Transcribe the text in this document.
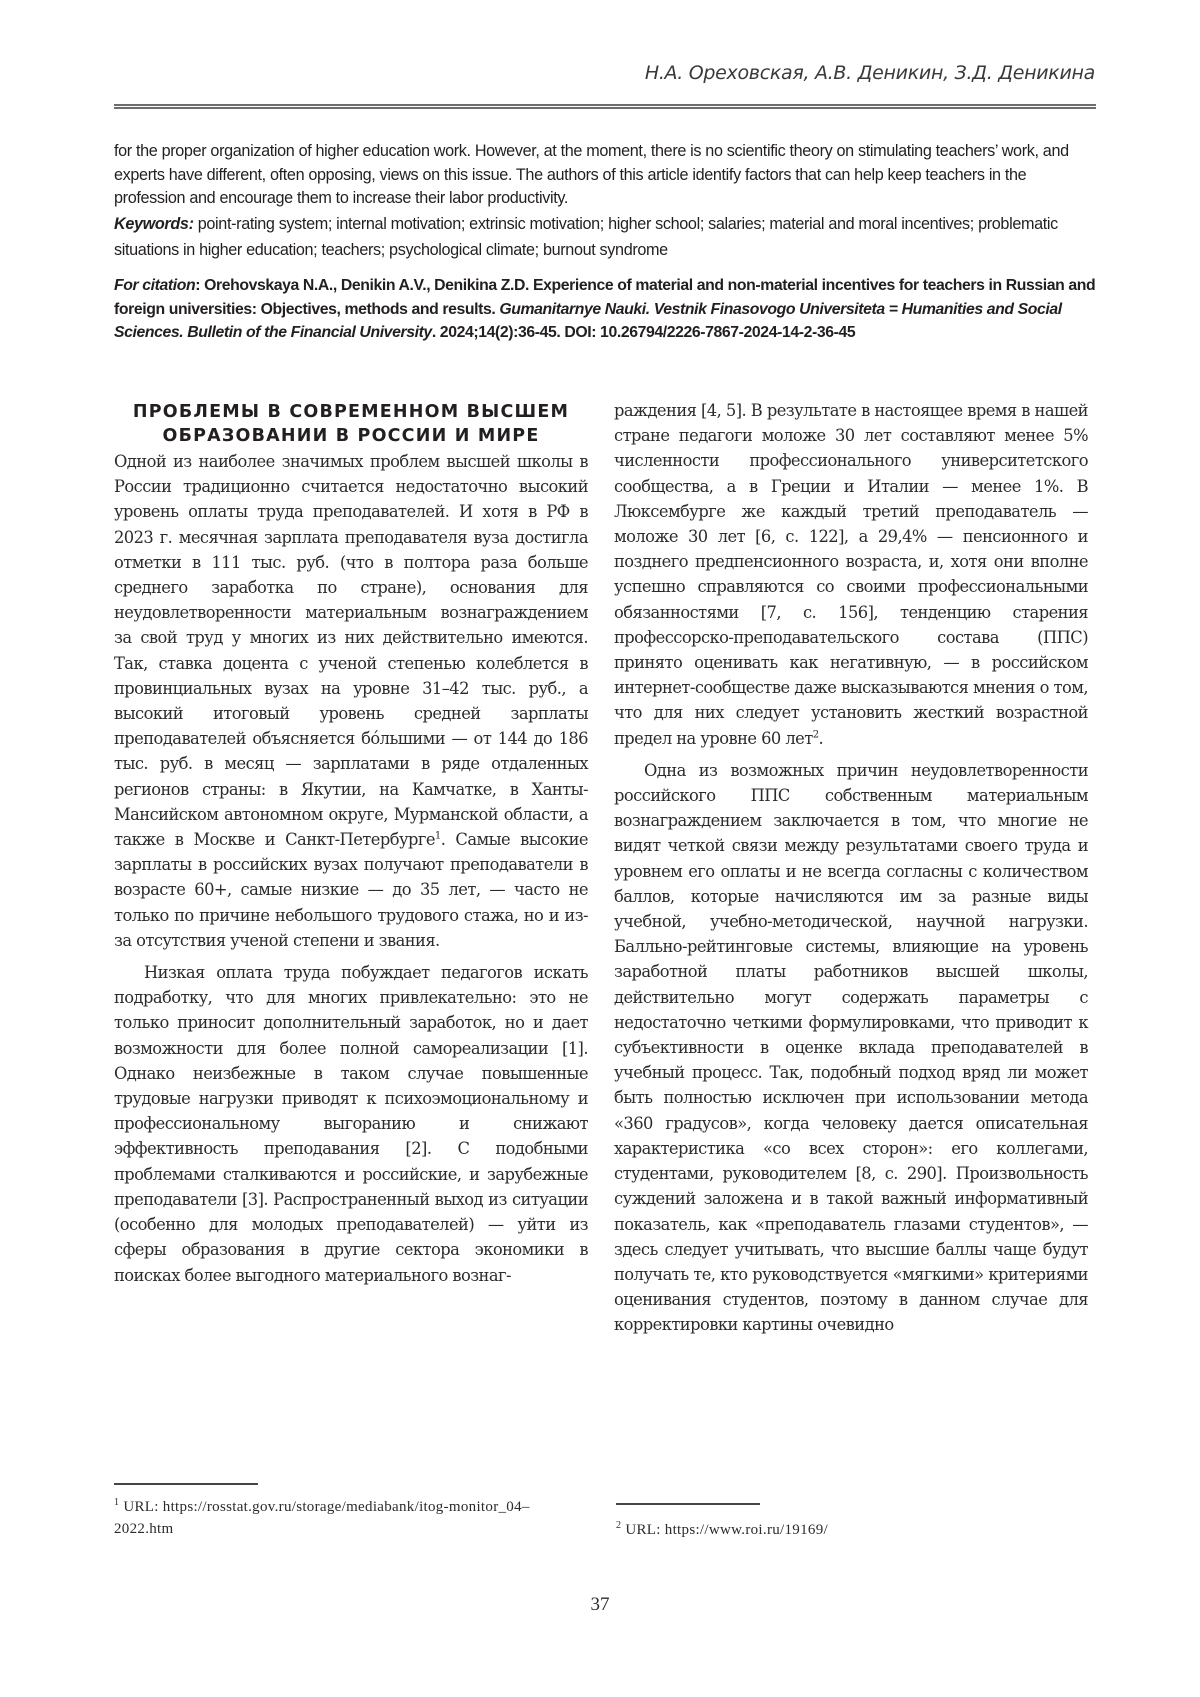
Н.А. Ореховская, А.В. Деникин, З.Д. Деникина

for the proper organization of higher education work. However, at the moment, there is no scientific theory on stimulating teachers’ work, and experts have different, often opposing, views on this issue. The authors of this article identify factors that can help keep teachers in the profession and encourage them to increase their labor productivity.

Keywords: point-rating system; internal motivation; extrinsic motivation; higher school; salaries; material and moral incentives; problematic situations in higher education; teachers; psychological climate; burnout syndrome

For citation: Orehovskaya N.A., Denikin A.V., Denikina Z.D. Experience of material and non-material incentives for teachers in Russian and foreign universities: Objectives, methods and results. Gumanitarnye Nauki. Vestnik Finasovogo Universiteta = Humanities and Social Sciences. Bulletin of the Financial University. 2024;14(2):36-45. DOI: 10.26794/2226-7867-2024-14-2-36-45
ПРОБЛЕМЫ В СОВРЕМЕННОМ ВЫСШЕМ ОБРАЗОВАНИИ В РОССИИ И МИРЕ

Одной из наиболее значимых проблем высшей школы в России традиционно считается недостаточно высокий уровень оплаты труда преподавателей. И хотя в РФ в 2023 г. месячная зарплата преподавателя вуза достигла отметки в 111 тыс. руб. (что в полтора раза больше среднего заработка по стране), основания для неудовлетворенности материальным вознаграждением за свой труд у многих из них действительно имеются. Так, ставка доцента с ученой степенью колеблется в провинциальных вузах на уровне 31–42 тыс. руб., а высокий итоговый уровень средней зарплаты преподавателей объясняется бóльшими — от 144 до 186 тыс. руб. в месяц — зарплатами в ряде отдаленных регионов страны: в Якутии, на Камчатке, в Ханты-Мансийском автономном округе, Мурманской области, а также в Москве и Санкт-Петербурге$^1$. Самые высокие зарплаты в российских вузах получают преподаватели в возрасте 60+, самые низкие — до 35 лет, — часто не только по причине небольшого трудового стажа, но и из-за отсутствия ученой степени и звания.

Низкая оплата труда побуждает педагогов искать подработку, что для многих привлекательно: это не только приносит дополнительный заработок, но и дает возможности для более полной самореализации [1]. Однако неизбежные в таком случае повышенные трудовые нагрузки приводят к психоэмоциональному и профессиональному выгоранию и снижают эффективность преподавания [2]. С подобными проблемами сталкиваются и российские, и зарубежные преподаватели [3]. Распространенный выход из ситуации (особенно для молодых преподавателей) — уйти из сферы образования в другие сектора экономики в поисках более выгодного материального вознаг-

раждения [4, 5]. В результате в настоящее время в нашей стране педагоги моложе 30 лет составляют менее 5% численности профессионального университетского сообщества, а в Греции и Италии — менее 1%. В Люксембурге же каждый третий преподаватель — моложе 30 лет [6, с. 122], а 29,4% — пенсионного и позднего предпенсионного возраста, и, хотя они вполне успешно справляются со своими профессиональными обязанностями [7, с. 156], тенденцию старения профессорско-преподавательского состава (ППС) принято оценивать как негативную, — в российском интернет-сообществе даже высказываются мнения о том, что для них следует установить жесткий возрастной предел на уровне 60 лет$^2$.

Одна из возможных причин неудовлетворенности российского ППС собственным материальным вознаграждением заключается в том, что многие не видят четкой связи между результатами своего труда и уровнем его оплаты и не всегда согласны с количеством баллов, которые начисляются им за разные виды учебной, учебно-методической, научной нагрузки. Балльно-рейтинговые системы, влияющие на уровень заработной платы работников высшей школы, действительно могут содержать параметры с недостаточно четкими формулировками, что приводит к субъективности в оценке вклада преподавателей в учебный процесс. Так, подобный подход вряд ли может быть полностью исключен при использовании метода «360 градусов», когда человеку дается описательная характеристика «со всех сторон»: его коллегами, студентами, руководителем [8, с. 290]. Произвольность суждений заложена и в такой важный информативный показатель, как «преподаватель глазами студентов», — здесь следует учитывать, что высшие баллы чаще будут получать те, кто руководствуется «мягкими» критериями оценивания студентов, поэтому в данном случае для корректировки картины очевидно

$^1$ URL: https://rosstat.gov.ru/storage/mediabank/itog-monitor_04–2022.htm	$^2$ URL: https://www.roi.ru/19169/
37
